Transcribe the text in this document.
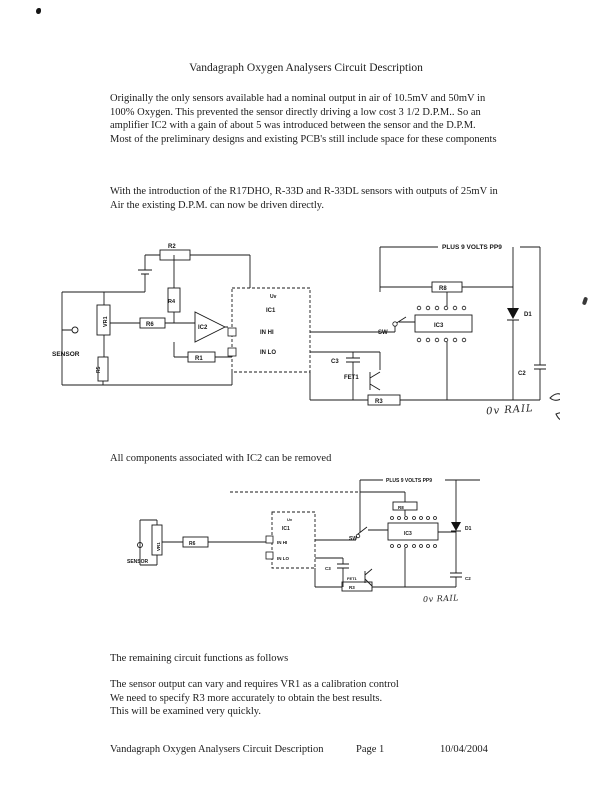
Vandagraph Oxygen Analysers Circuit Description
Originally the only sensors available had a nominal output in air of 10.5mV and 50mV in 100% Oxygen. This prevented the sensor directly driving a low cost 3 1/2 D.P.M.. So an amplifier IC2 with a gain of about 5 was introduced between the sensor and the D.P.M.
Most of the preliminary designs and existing PCB's still include space for these components
With the introduction of the R17DHO, R-33D and R-33DL sensors with outputs of 25mV in Air the existing D.P.M. can now be driven directly.
R2
R4
VR1	R6	IC2
R1
R5
Uv
IC1
IN HI
IN LO
PLUS 9 VOLTS PP9
SW
IC3
R8
D1
C3
C2
FET1
R3
SENSOR
0v RAIL
All components associated with IC2 can be removed
PLUS 9 VOLTS PP9
VR1	R6
SENSOR
Uv
IC1
IN HI
IN LO
SW
R8
IC3
D1
C3
C2
FET1
R3
0v RAIL
The remaining circuit functions as follows
The sensor output can vary and requires VR1 as a calibration control
We need to specify R3 more accurately to obtain the best results.
This will be examined very quickly.
Vandagraph Oxygen Analysers Circuit Description	Page 1	10/04/2004
